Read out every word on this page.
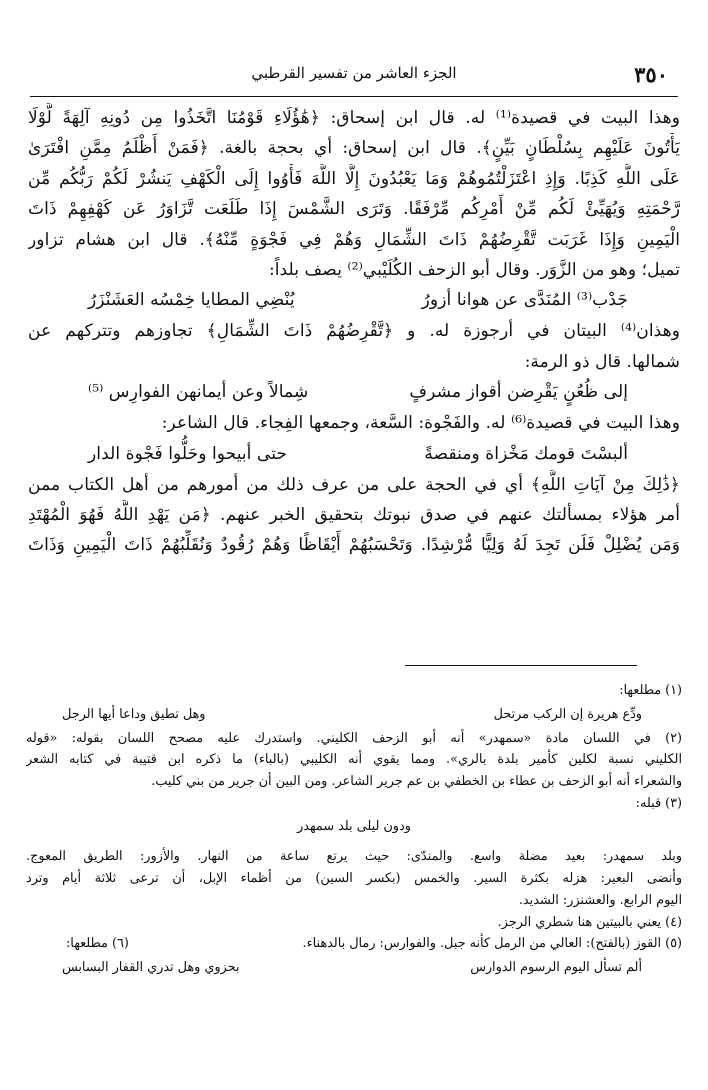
٣٥٠
الجزء العاشر من تفسير القرطبي
وهذا البيت في قصيدة⁽¹⁾ له. قال ابن إسحاق: ﴿هَٰؤُلَاءِ قَوْمُنَا اتَّخَذُوا مِن دُونِهِ آلِهَةً لَّوْلَا
يَأْتُونَ عَلَيْهِم بِسُلْطَانٍ بَيِّنٍ﴾. قال ابن إسحاق: أي بحجة بالغة. ﴿فَمَنْ أَظْلَمُ مِمَّنِ افْتَرَىٰ
عَلَى اللَّهِ كَذِبًا. وَإِذِ اعْتَزَلْتُمُوهُمْ وَمَا يَعْبُدُونَ إِلَّا اللَّهَ فَأْوُوا إِلَى الْكَهْفِ يَنشُرْ لَكُمْ رَبُّكُم مِّن
رَّحْمَتِهِ وَيُهَيِّئْ لَكُم مِّنْ أَمْرِكُم مِّرْفَقًا. وَتَرَى الشَّمْسَ إِذَا طَلَعَت تَّزَاوَرُ عَن كَهْفِهِمْ ذَاتَ
الْيَمِينِ وَإِذَا غَرَبَت تَّقْرِضُهُمْ ذَاتَ الشِّمَالِ وَهُمْ فِي فَجْوَةٍ مِّنْهُ﴾. قال ابن هشام تزاور
تميل؛ وهو من الزَّوَر. وقال أبو الزحف الكُلَيْبي⁽²⁾ يصف بلداً:
جَدْب⁽³⁾ المُنَدَّى عن هوانا أزورُ
يُنْضِي المطايا خِمْسُه العَشَنْزَرُ
وهذان⁽⁴⁾ البيتان في أرجوزة له. و ﴿تَّقْرِضُهُمْ ذَاتَ الشِّمَالِ﴾ تجاوزهم وتتركهم عن
شمالها. قال ذو الرمة:
إلى ظُعُنٍ يَقْرِضن أقواز مشرفٍ
شِمالاً وعن أيمانهن الفوارِس ⁽⁵⁾
وهذا البيت في قصيدة⁽⁶⁾ له. والفَجْوة: السَّعة، وجمعها الفِجاء. قال الشاعر:
ألبسْتَ قومك مَخْزاة ومنقصةً
حتى أبيحوا وحَلُّوا فَجْوة الدار
﴿ذَٰلِكَ مِنْ آيَاتِ اللَّهِ﴾ أي في الحجة على من عرف ذلك من أمورهم من أهل الكتاب ممن
أمر هؤلاء بمسألتك عنهم في صدق نبوتك بتحقيق الخبر عنهم. ﴿مَن يَهْدِ اللَّهُ فَهُوَ الْمُهْتَدِ
وَمَن يُضْلِلْ فَلَن تَجِدَ لَهُ وَلِيًّا مُّرْشِدًا. وَتَحْسَبُهُمْ أَيْقَاظًا وَهُمْ رُقُودٌ وَنُقَلِّبُهُمْ ذَاتَ الْيَمِينِ وَذَاتَ
(١) مطلعها:
ودِّع هريرة إن الركب مرتحل
وهل تطيق وداعا أيها الرجل
(٢) في اللسان مادة «سمهدر» أنه أبو الزحف الكليني. واستدرك عليه مصحح اللسان بقوله: «قوله
الكليني نسبة لكلين كأمير بلدة بالري». ومما يقوي أنه الكليبي (بالباء) ما ذكره ابن قتيبة في كتابه الشعر
والشعراء أنه أبو الزحف بن عطاء بن الخطفي بن عم جرير الشاعر. ومن البين أن جرير من بني كليب.
(٣) قبله:
ودون ليلى بلد سمهدر
وبلد سمهدر: بعيد مضلة واسع. والمندّى: حيث يرتع ساعة من النهار. والأزور: الطريق المعوج.
وأنضى البعير: هزله بكثرة السير. والخمس (بكسر السين) من أظماء الإبل، أن ترعى ثلاثة أيام وترد
اليوم الرابع. والعشنزر: الشديد.
(٤) يعني بالبيتين هنا شطري الرجز.
(٥) القوز (بالفتح): العالي من الرمل كأنه جبل. والفوارس: رمال بالدهناء.
(٦) مطلعها:
ألم تسأل اليوم الرسوم الدوارس
بحزوي وهل تدري القفار البسابس
